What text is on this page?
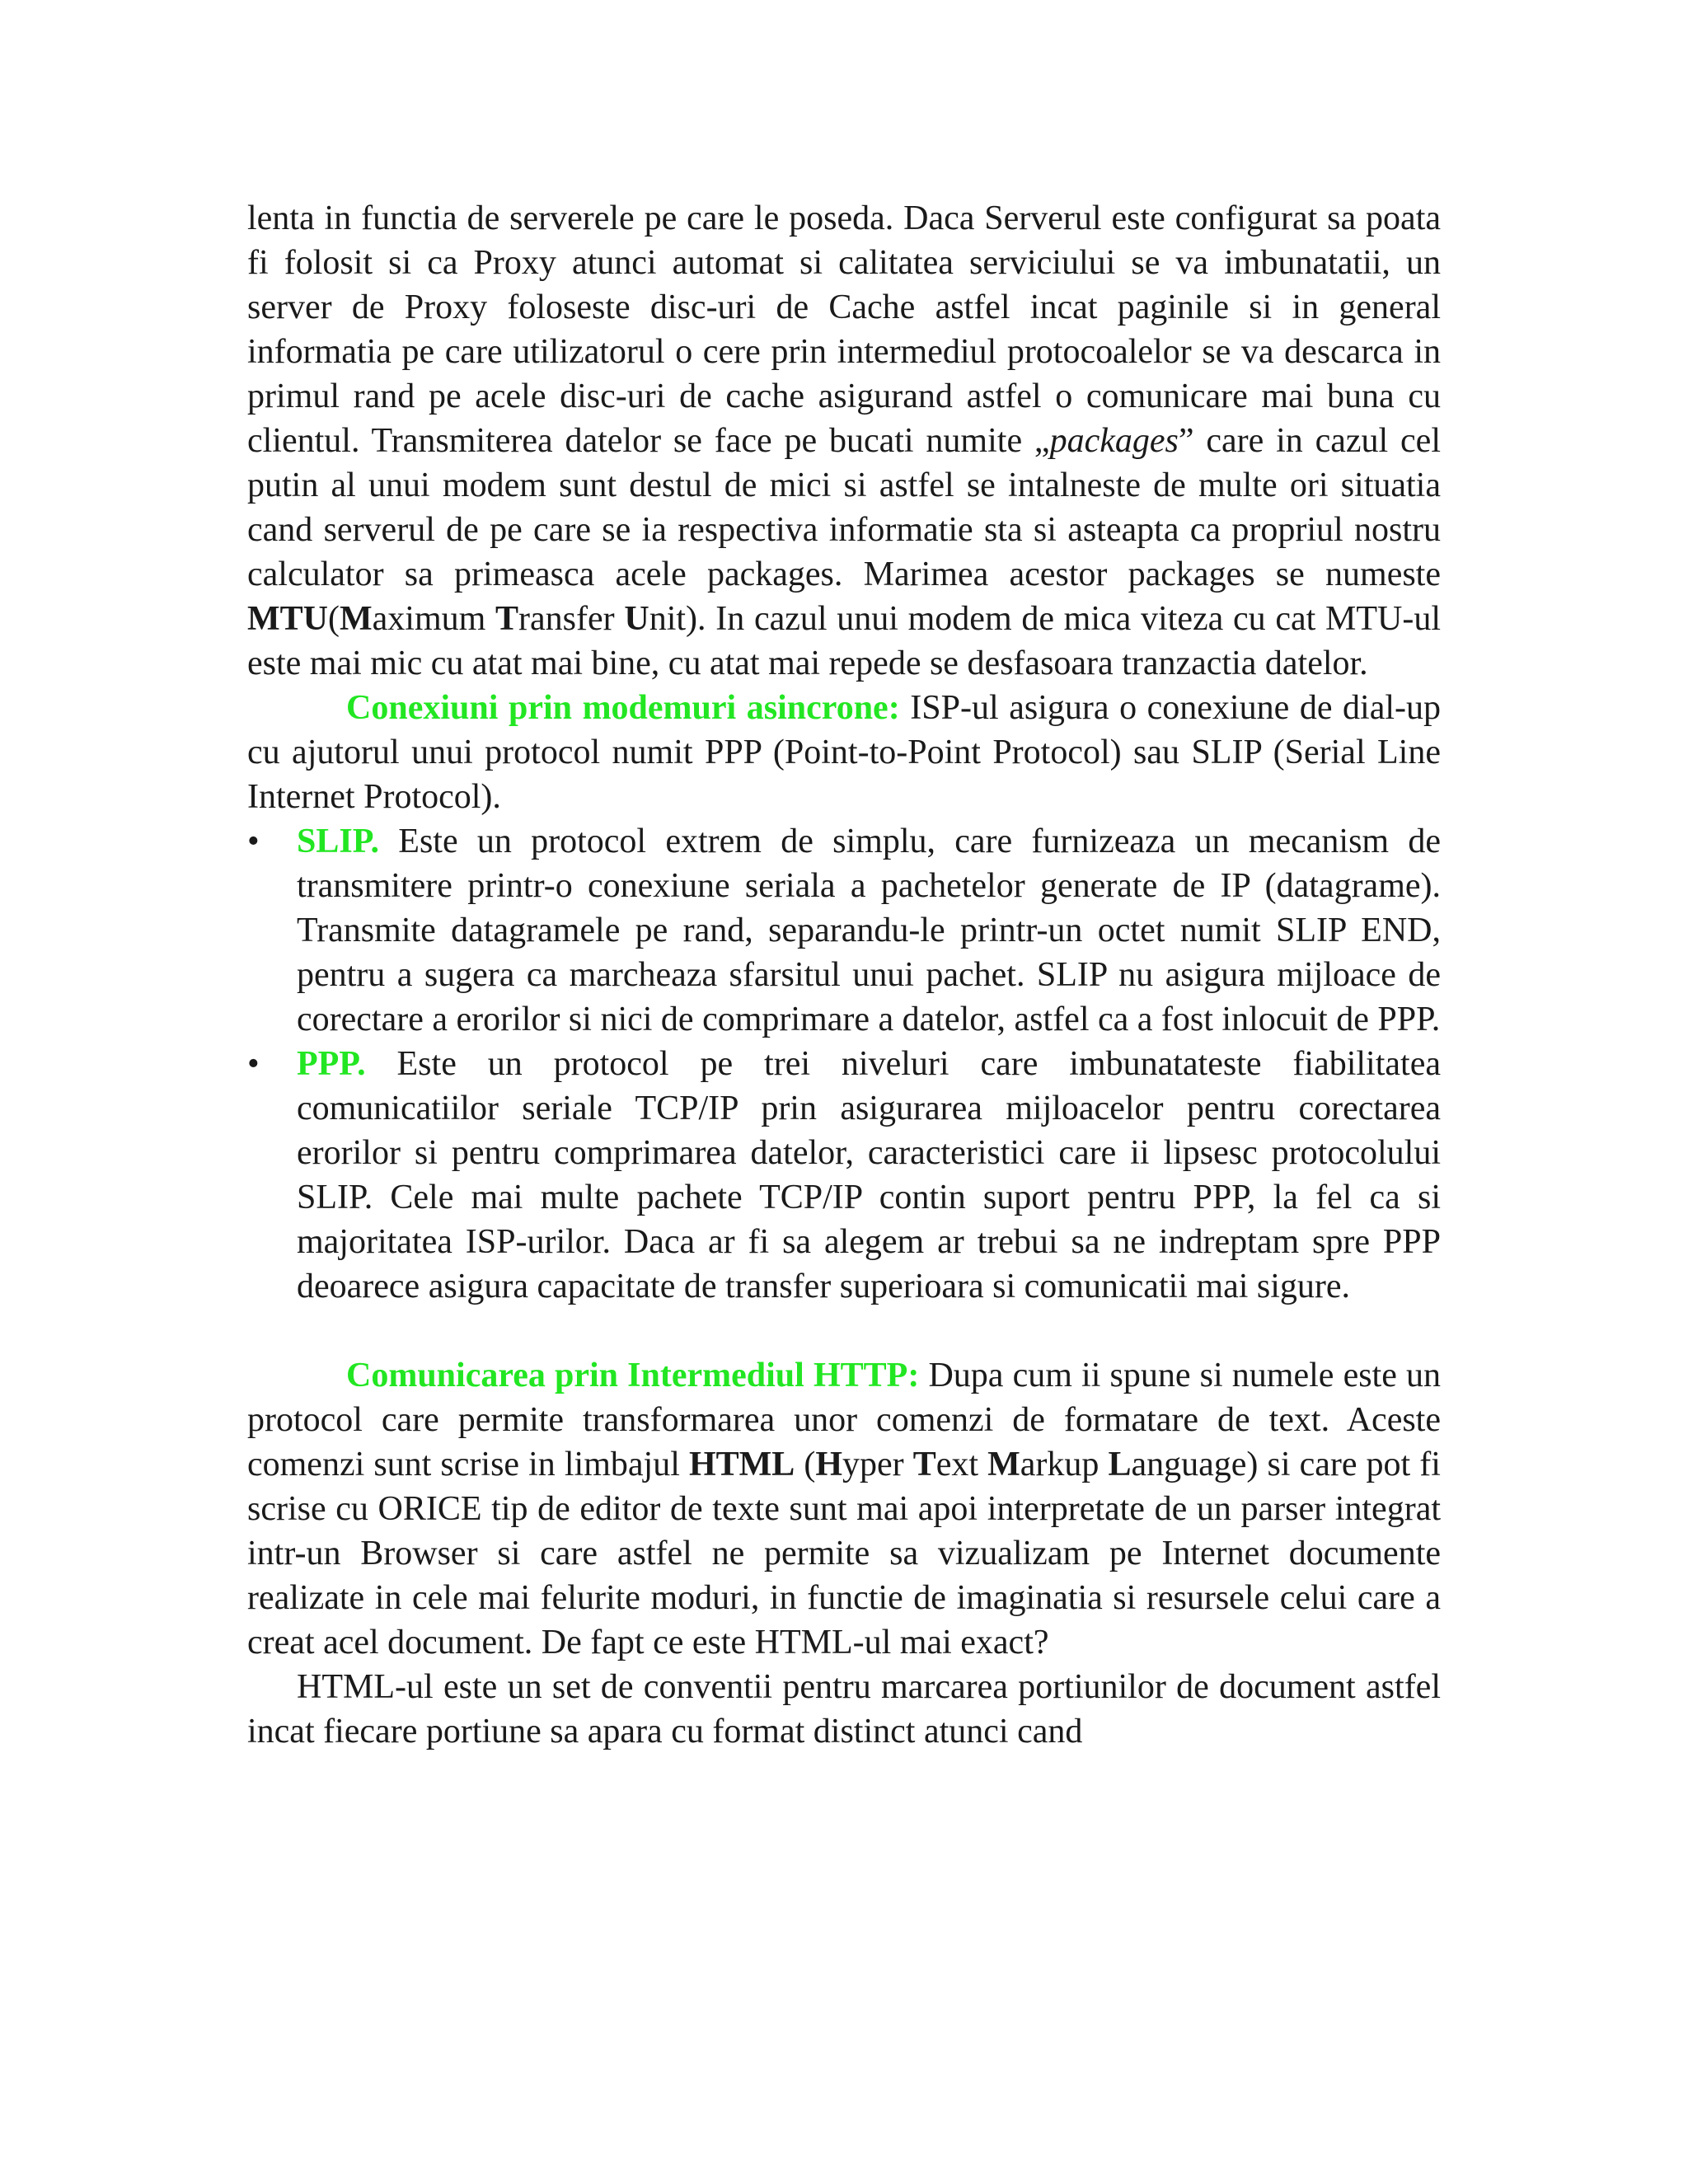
lenta in functia de serverele pe care le poseda. Daca Serverul este configurat sa poata fi folosit si ca Proxy atunci automat si calitatea serviciului se va imbunatatii, un server de Proxy foloseste disc-uri de Cache astfel incat paginile si in general informatia pe care utilizatorul o cere prin intermediul protocoalelor se va descarca in primul rand pe acele disc-uri de cache asigurand astfel o comunicare mai buna cu clientul. Transmiterea datelor se face pe bucati numite „packages” care in cazul cel putin al unui modem sunt destul de mici si astfel se intalneste de multe ori situatia cand serverul de pe care se ia respectiva informatie sta si asteapta ca propriul nostru calculator sa primeasca acele packages. Marimea acestor packages se numeste MTU(Maximum Transfer Unit). In cazul unui modem de mica viteza cu cat MTU-ul este mai mic cu atat mai bine, cu atat mai repede se desfasoara tranzactia datelor.

Conexiuni prin modemuri asincrone: ISP-ul asigura o conexiune de dial-up cu ajutorul unui protocol numit PPP (Point-to-Point Protocol) sau SLIP (Serial Line Internet Protocol).

•	SLIP. Este un protocol extrem de simplu, care furnizeaza un mecanism de transmitere printr-o conexiune seriala a pachetelor generate de IP (datagrame). Transmite datagramele pe rand, separandu-le printr-un octet numit SLIP END, pentru a sugera ca marcheaza sfarsitul unui pachet. SLIP nu asigura mijloace de corectare a erorilor si nici de comprimare a datelor, astfel ca a fost inlocuit de PPP.
•	PPP. Este un protocol pe trei niveluri care imbunatateste fiabilitatea comunicatiilor seriale TCP/IP prin asigurarea mijloacelor pentru corectarea erorilor si pentru comprimarea datelor, caracteristici care ii lipsesc protocolului SLIP. Cele mai multe pachete TCP/IP contin suport pentru PPP, la fel ca si majoritatea ISP-urilor. Daca ar fi sa alegem ar trebui sa ne indreptam spre PPP deoarece asigura capacitate de transfer superioara si comunicatii mai sigure.

Comunicarea prin Intermediul HTTP: Dupa cum ii spune si numele este un protocol care permite transformarea unor comenzi de formatare de text. Aceste comenzi sunt scrise in limbajul HTML (Hyper Text Markup Language) si care pot fi scrise cu ORICE tip de editor de texte sunt mai apoi interpretate de un parser integrat intr-un Browser si care astfel ne permite sa vizualizam pe Internet documente realizate in cele mai felurite moduri, in functie de imaginatia si resursele celui care a creat acel document. De fapt ce este HTML-ul mai exact?

HTML-ul este un set de conventii pentru marcarea portiunilor de document astfel incat fiecare portiune sa apara cu format distinct atunci cand
